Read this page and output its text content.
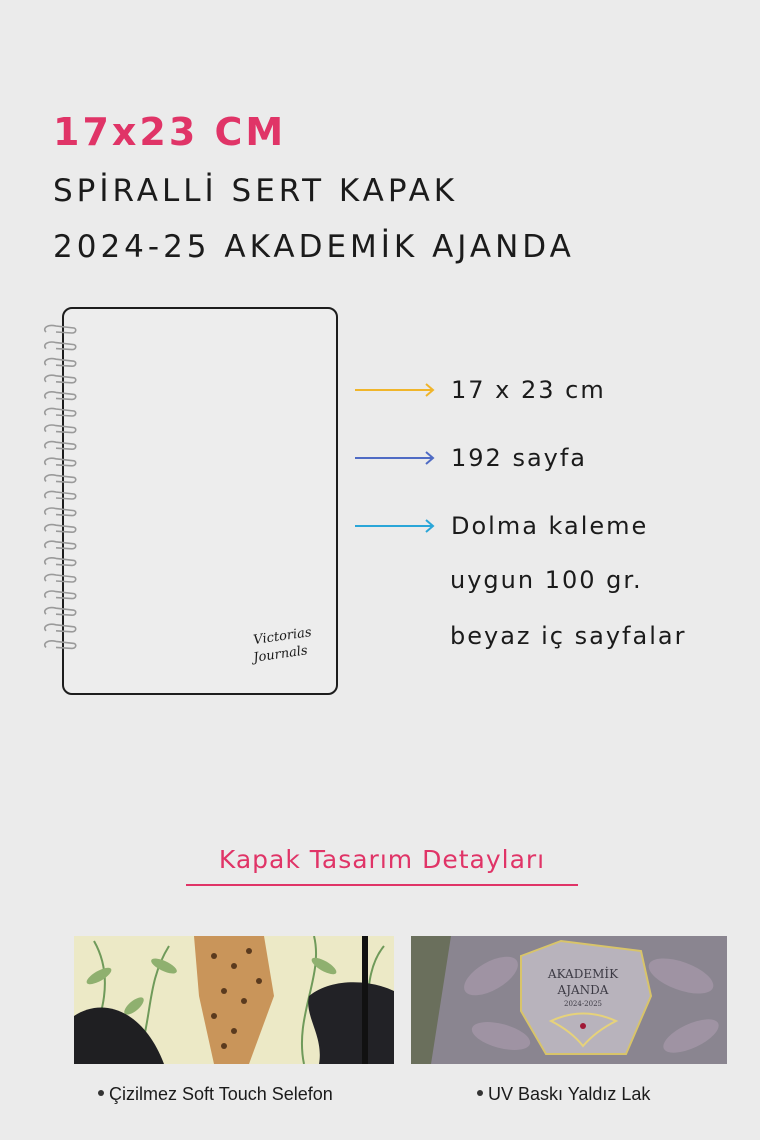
17x23 CM
SPİRALLİ SERT KAPAK
2024-25 AKADEMİK AJANDA
Victorias
Journals
17 x 23 cm
192 sayfa
Dolma kaleme
uygun 100 gr.
beyaz iç sayfalar
Kapak Tasarım Detayları
AKADEMİK
AJANDA
2024-2025
Çizilmez Soft Touch Selefon	UV Baskı Yaldız Lak
